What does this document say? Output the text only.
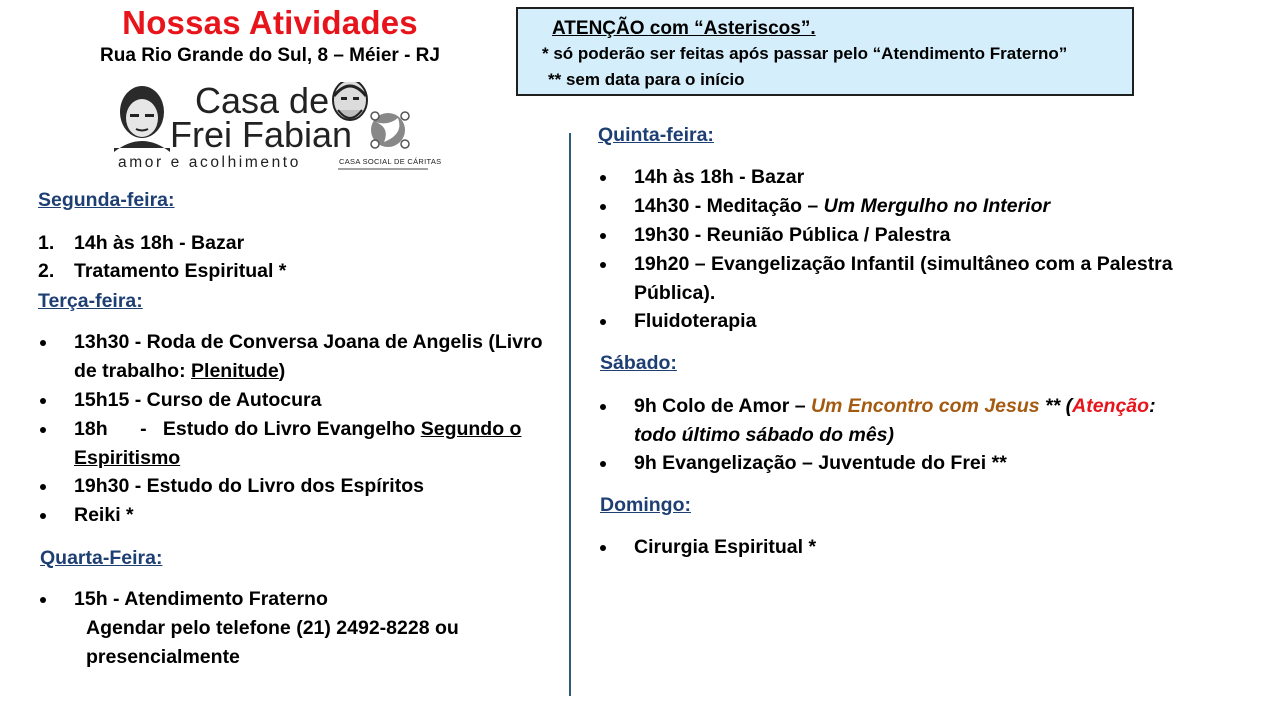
Nossas Atividades
Rua Rio Grande do Sul, 8 – Méier - RJ
Casa de
Frei Fabian
amor e acolhimento	CASA SOCIAL DE CÁRITAS
ATENÇÃO com “Asteriscos”.
* só poderão ser feitas após passar pelo “Atendimento Fraterno”
** sem data para o início
Segunda-feira:
1. 14h às 18h - Bazar
2. Tratamento Espiritual *
Terça-feira:
13h30 - Roda de Conversa Joana de Angelis (Livro
de trabalho: Plenitude)
15h15 - Curso de Autocura
18h      -   Estudo do Livro Evangelho Segundo o
Espiritismo
19h30 - Estudo do Livro dos Espíritos
Reiki *
Quarta-Feira:
15h - Atendimento Fraterno
Agendar pelo telefone (21) 2492-8228 ou
presencialmente
Quinta-feira:
14h às 18h - Bazar
14h30 - Meditação – Um Mergulho no Interior
19h30 - Reunião Pública / Palestra
19h20 – Evangelização Infantil (simultâneo com a Palestra
Pública).
Fluidoterapia
Sábado:
9h Colo de Amor – Um Encontro com Jesus ** (Atenção:
todo último sábado do mês)
9h Evangelização – Juventude do Frei **
Domingo:
Cirurgia Espiritual *
